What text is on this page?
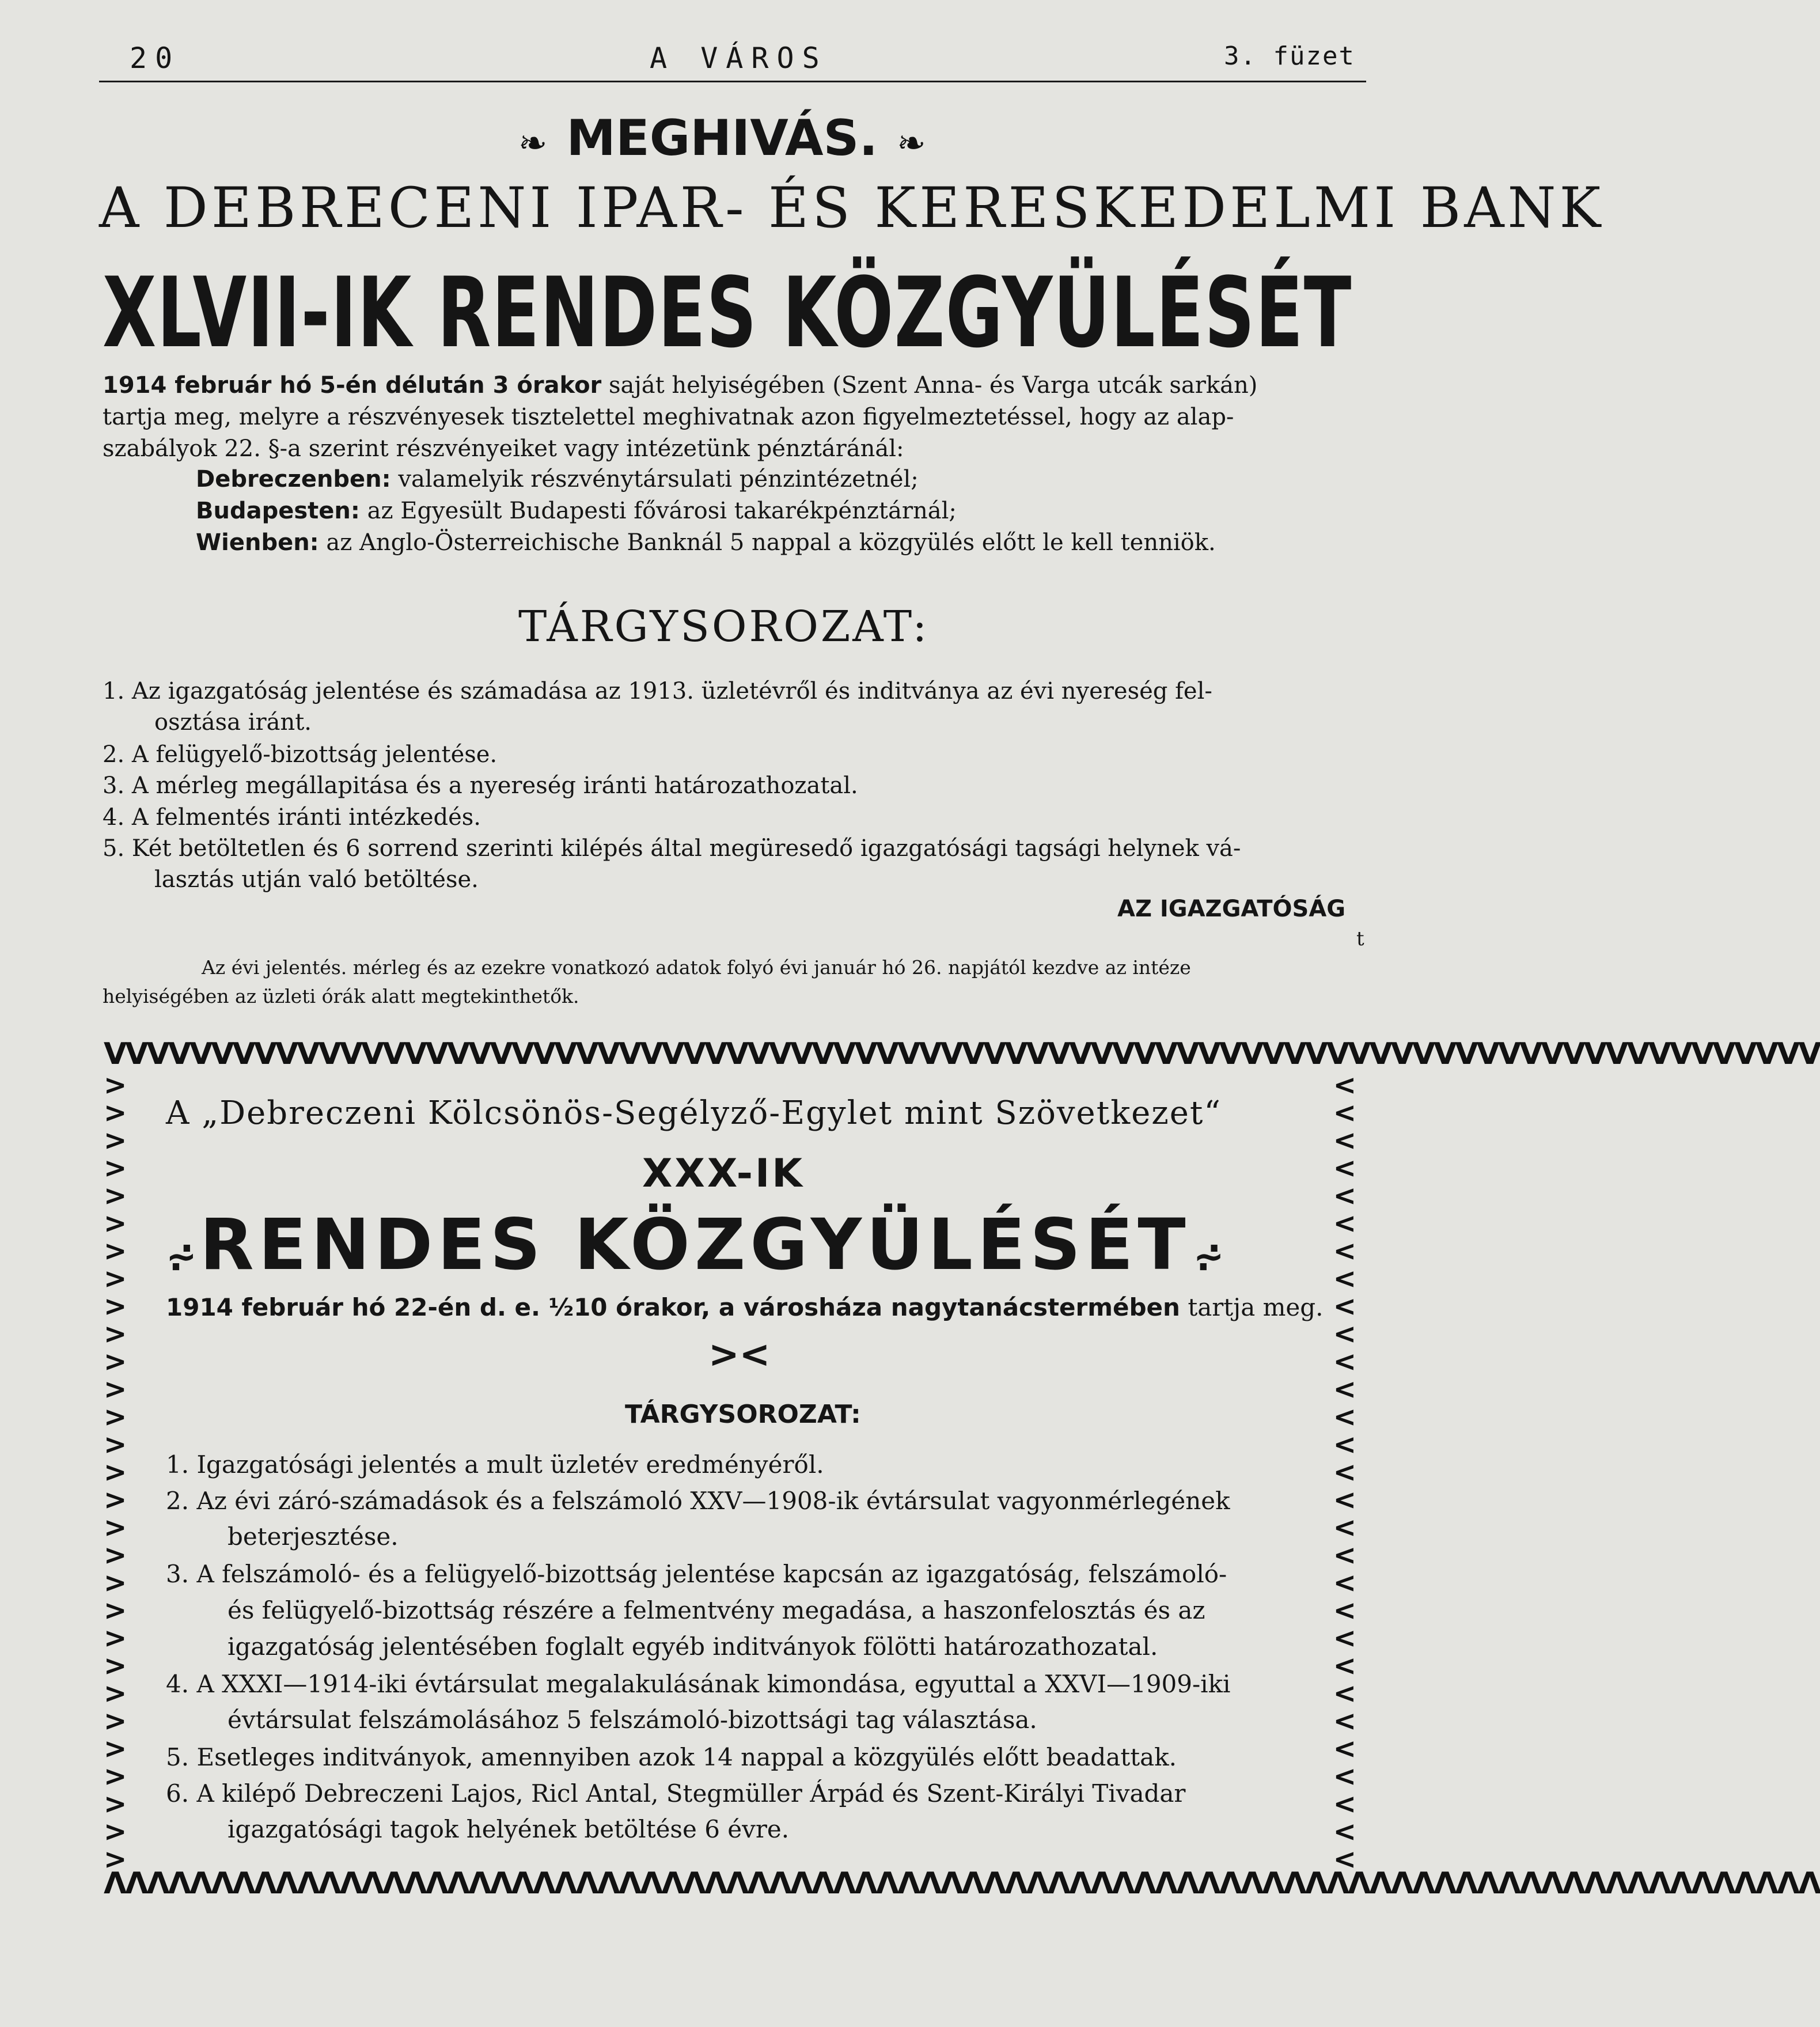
20	A VÁROS	3. füzet
❧ MEGHIVÁS. ❧
A DEBRECENI IPAR- ÉS KERESKEDELMI BANK
XLVII-IK RENDES KÖZGYÜLÉSÉT
1914 február hó 5-én délután 3 órakor saját helyiségében (Szent Anna- és Varga utcák sarkán)
tartja meg, melyre a részvényesek tisztelettel meghivatnak azon figyelmeztetéssel, hogy az alap-
szabályok 22. §-a szerint részvényeiket vagy intézetünk pénztáránál:
Debreczenben: valamelyik részvénytársulati pénzintézetnél;
Budapesten: az Egyesült Budapesti fővárosi takarékpénztárnál;
Wienben: az Anglo-Österreichische Banknál 5 nappal a közgyülés előtt le kell tenniök.
TÁRGYSOROZAT:
1. Az igazgatóság jelentése és számadása az 1913. üzletévről és inditványa az évi nyereség fel-
osztása iránt.
2. A felügyelő-bizottság jelentése.
3. A mérleg megállapitása és a nyereség iránti határozathozatal.
4. A felmentés iránti intézkedés.
5. Két betöltetlen és 6 sorrend szerinti kilépés által megüresedő igazgatósági tagsági helynek vá-
lasztás utján való betöltése.
AZ IGAZGATÓSÁG
t
Az évi jelentés. mérleg és az ezekre vonatkozó adatok folyó évi január hó 26. napjától kezdve az intéze
helyiségében az üzleti órák alatt megtekinthetők.
VVVVVVVVVVVVVVVVVVVVVVVVVVVVVVVVVVVVVVVVVVVVVVVVVVVVVVVVVVVVVVVVVVVVVVVVVVVVVVVV
>
>
>
>
>
>
>
>
>
>
>
>
>
>
>
>
>
>
>
>
>
>
>
>
>
>
>
>
>
<
<
<
<
<
<
<
<
<
<
<
<
<
<
<
<
<
<
<
<
<
<
<
<
<
<
<
<
<
ΛΛΛΛΛΛΛΛΛΛΛΛΛΛΛΛΛΛΛΛΛΛΛΛΛΛΛΛΛΛΛΛΛΛΛΛΛΛΛΛΛΛΛΛΛΛΛΛΛΛΛΛΛΛΛΛΛΛΛΛΛΛΛΛΛΛΛΛΛΛΛΛΛΛΛΛΛΛΛΛ
A „Debreczeni Kölcsönös-Segélyző-Egylet mint Szövetkezet“
XXX-IK
⩫ RENDES KÖZGYÜLÉSÉT ⩫
1914 február hó 22-én d. e. ½10 órakor, a városháza nagytanácstermében tartja meg.
><
TÁRGYSOROZAT:
1. Igazgatósági jelentés a mult üzletév eredményéről.
2. Az évi záró-számadások és a felszámoló XXV—1908-ik évtársulat vagyonmérlegének
beterjesztése.
3. A felszámoló- és a felügyelő-bizottság jelentése kapcsán az igazgatóság, felszámoló-
és felügyelő-bizottság részére a felmentvény megadása, a haszonfelosztás és az
igazgatóság jelentésében foglalt egyéb inditványok fölötti határozathozatal.
4. A XXXI—1914-iki évtársulat megalakulásának kimondása, egyuttal a XXVI—1909-iki
évtársulat felszámolásához 5 felszámoló-bizottsági tag választása.
5. Esetleges inditványok, amennyiben azok 14 nappal a közgyülés előtt beadattak.
6. A kilépő Debreczeni Lajos, Ricl Antal, Stegmüller Árpád és Szent-Királyi Tivadar
igazgatósági tagok helyének betöltése 6 évre.
